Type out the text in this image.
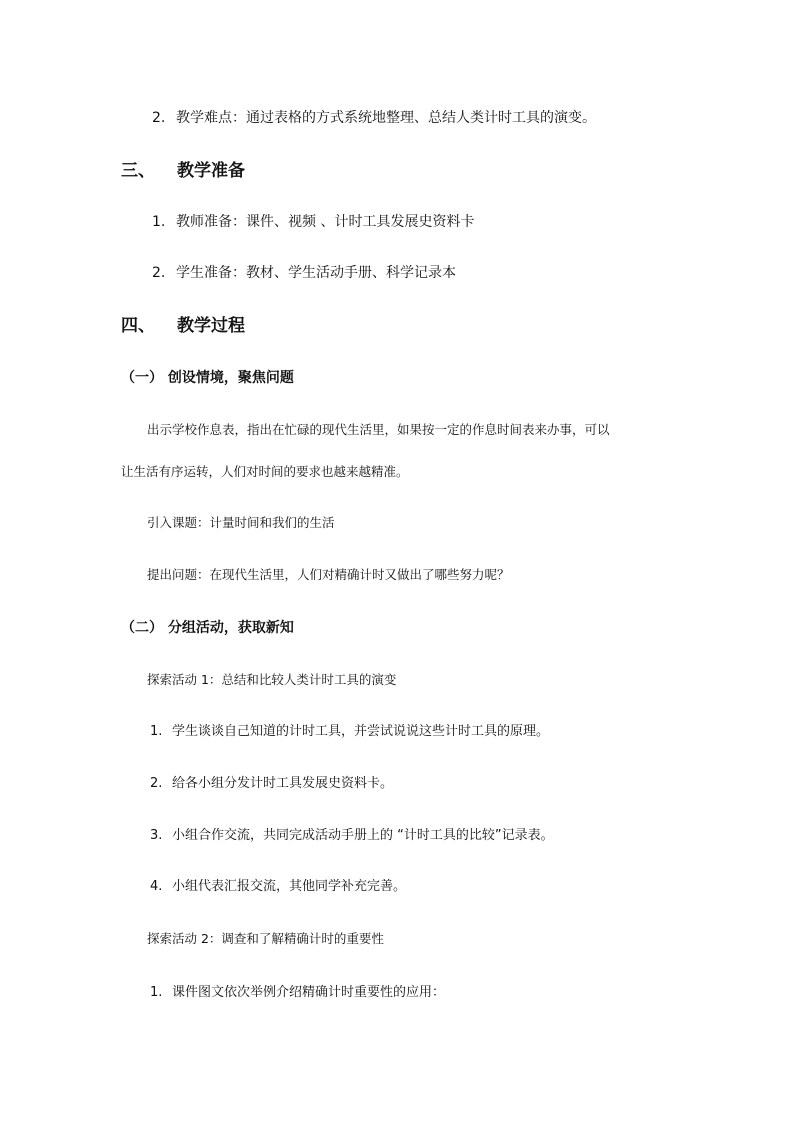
2. 教学难点：通过表格的方式系统地整理、总结人类计时工具的演变。
三、 教学准备
1. 教师准备：课件、视频 、计时工具发展史资料卡
2. 学生准备：教材、学生活动手册、科学记录本
四、 教学过程
（一） 创设情境，聚焦问题
出示学校作息表，指出在忙碌的现代生活里，如果按一定的作息时间表来办事，可以
让生活有序运转，人们对时间的要求也越来越精准。
引入课题：计量时间和我们的生活
提出问题：在现代生活里，人们对精确计时又做出了哪些努力呢？
（二） 分组活动，获取新知
探索活动 1：总结和比较人类计时工具的演变
1. 学生谈谈自己知道的计时工具，并尝试说说这些计时工具的原理。
2. 给各小组分发计时工具发展史资料卡。
3. 小组合作交流，共同完成活动手册上的 “计时工具的比较”记录表。
4. 小组代表汇报交流，其他同学补充完善。
探索活动 2：调查和了解精确计时的重要性
1. 课件图文依次举例介绍精确计时重要性的应用：
